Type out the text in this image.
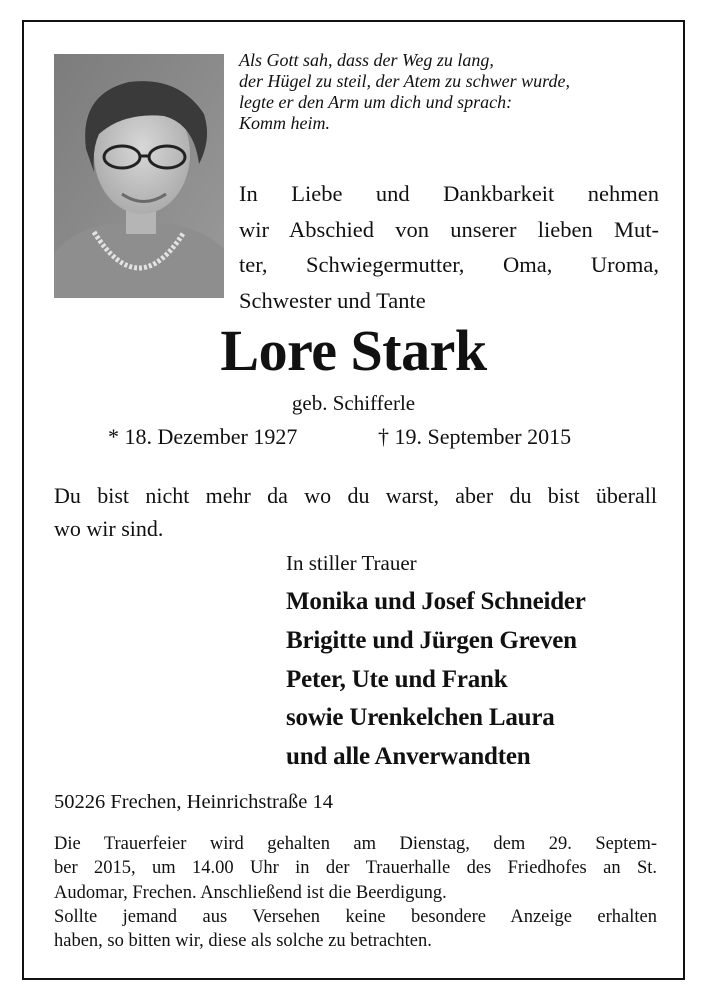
Als Gott sah, dass der Weg zu lang,
der Hügel zu steil, der Atem zu schwer wurde,
legte er den Arm um dich und sprach:
Komm heim.
In Liebe und Dankbarkeit nehmen
wir Abschied von unserer lieben Mut-
ter, Schwiegermutter, Oma, Uroma,
Schwester und Tante
Lore Stark
geb. Schifferle
* 18. Dezember 1927	† 19. September 2015
Du bist nicht mehr da wo du warst, aber du bist überall
wo wir sind.
In stiller Trauer
Monika und Josef Schneider
Brigitte und Jürgen Greven
Peter, Ute und Frank
sowie Urenkelchen Laura
und alle Anverwandten
50226 Frechen, Heinrichstraße 14
Die Trauerfeier wird gehalten am Dienstag, dem 29. Septem-
ber 2015, um 14.00 Uhr in der Trauerhalle des Friedhofes an St.
Audomar, Frechen. Anschließend ist die Beerdigung.
Sollte jemand aus Versehen keine besondere Anzeige erhalten
haben, so bitten wir, diese als solche zu betrachten.
